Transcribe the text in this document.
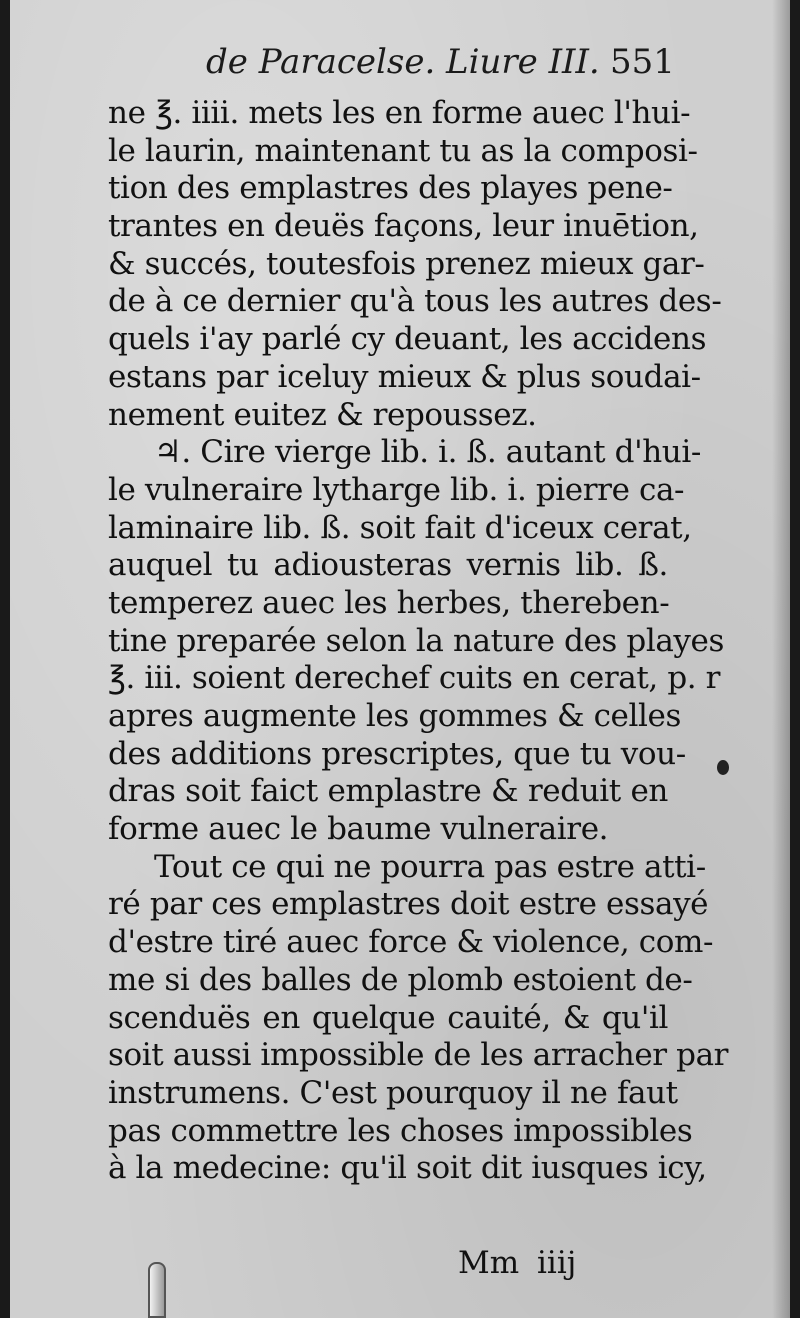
de Paracelse. Liure III. 551
ne ℥. iiii. mets les en forme auec l'hui-
le laurin, maintenant tu as la composi-
tion des emplastres des playes pene-
trantes en deuës façons, leur inuētion,
& succés, toutesfois prenez mieux gar-
de à ce dernier qu'à tous les autres des-
quels i'ay parlé cy deuant, les accidens
estans par iceluy mieux & plus soudai-
nement euitez & repoussez.
♃. Cire vierge lib. i. ß. autant d'hui-
le vulneraire lytharge lib. i. pierre ca-
laminaire lib. ß. soit fait d'iceux cerat,
auquel tu adiousteras vernis lib. ß.
temperez auec les herbes, thereben-
tine preparée selon la nature des playes
℥. iii. soient derechef cuits en cerat, p. r
apres augmente les gommes & celles
des additions prescriptes, que tu vou-
dras soit faict emplastre & reduit en
forme auec le baume vulneraire.
Tout ce qui ne pourra pas estre atti-
ré par ces emplastres doit estre essayé
d'estre tiré auec force & violence, com-
me si des balles de plomb estoient de-
scenduës en quelque cauité, & qu'il
soit aussi impossible de les arracher par
instrumens. C'est pourquoy il ne faut
pas commettre les choses impossibles
à la medecine: qu'il soit dit iusques icy,
Mm iiij
